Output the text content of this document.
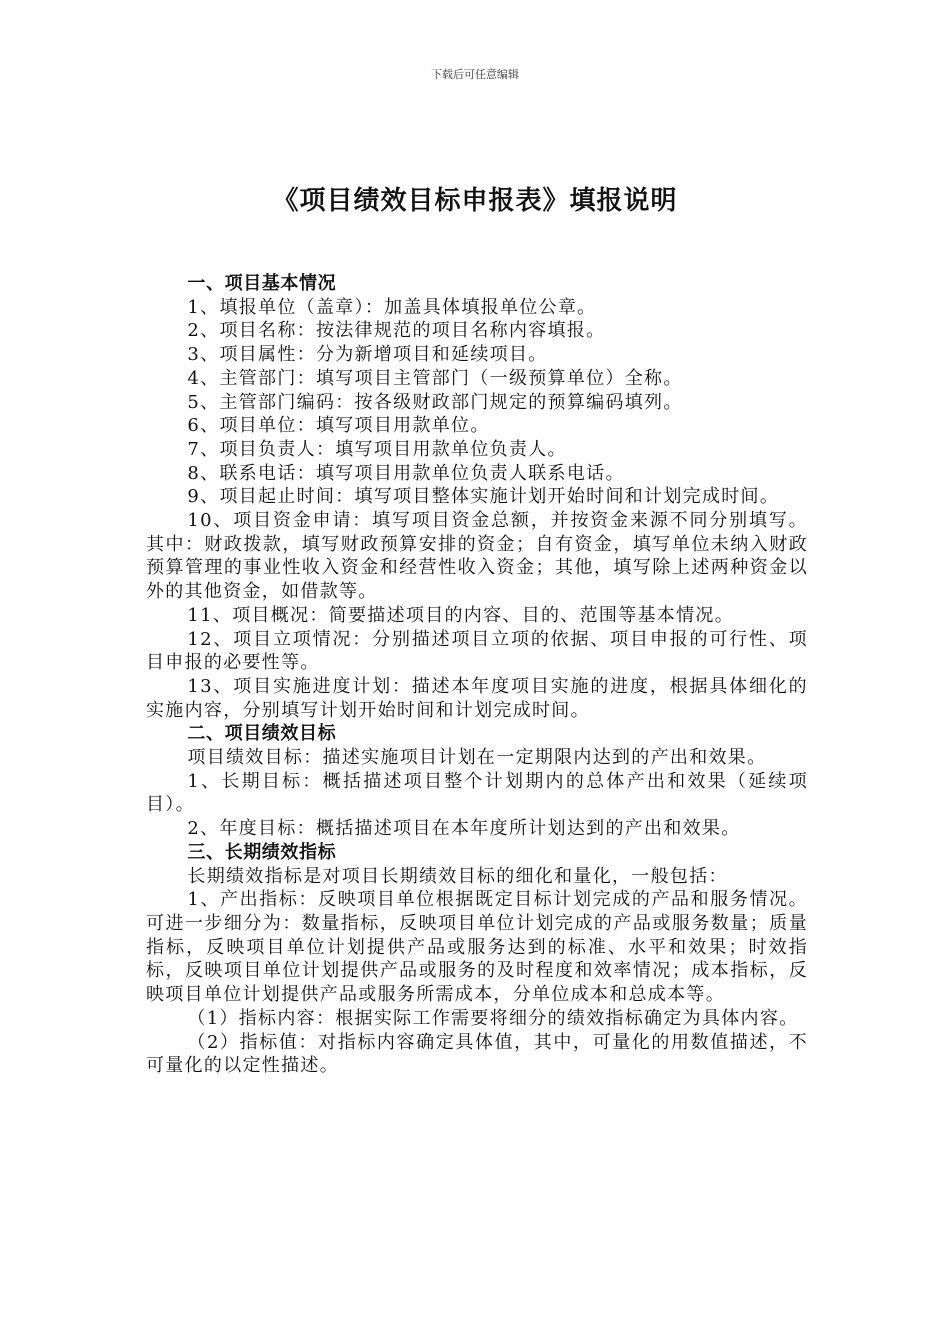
下载后可任意编辑
《项目绩效目标申报表》填报说明

一、项目基本情况

1、填报单位（盖章）：加盖具体填报单位公章。

2、项目名称：按法律规范的项目名称内容填报。

3、项目属性：分为新增项目和延续项目。

4、主管部门：填写项目主管部门（一级预算单位）全称。

5、主管部门编码：按各级财政部门规定的预算编码填列。

6、项目单位：填写项目用款单位。

7、项目负责人：填写项目用款单位负责人。

8、联系电话：填写项目用款单位负责人联系电话。

9、项目起止时间：填写项目整体实施计划开始时间和计划完成时间。

10、项目资金申请：填写项目资金总额，并按资金来源不同分别填写。其中：财政拨款，填写财政预算安排的资金；自有资金，填写单位未纳入财政预算管理的事业性收入资金和经营性收入资金；其他，填写除上述两种资金以外的其他资金，如借款等。

11、项目概况：简要描述项目的内容、目的、范围等基本情况。

12、项目立项情况：分别描述项目立项的依据、项目申报的可行性、项目申报的必要性等。

13、项目实施进度计划：描述本年度项目实施的进度，根据具体细化的实施内容，分别填写计划开始时间和计划完成时间。

二、项目绩效目标

项目绩效目标：描述实施项目计划在一定期限内达到的产出和效果。

1、长期目标：概括描述项目整个计划期内的总体产出和效果（延续项目）。

2、年度目标：概括描述项目在本年度所计划达到的产出和效果。

三、长期绩效指标

长期绩效指标是对项目长期绩效目标的细化和量化，一般包括：

1、产出指标：反映项目单位根据既定目标计划完成的产品和服务情况。可进一步细分为：数量指标，反映项目单位计划完成的产品或服务数量；质量指标，反映项目单位计划提供产品或服务达到的标准、水平和效果；时效指标，反映项目单位计划提供产品或服务的及时程度和效率情况；成本指标，反映项目单位计划提供产品或服务所需成本，分单位成本和总成本等。

（1）指标内容：根据实际工作需要将细分的绩效指标确定为具体内容。

（2）指标值：对指标内容确定具体值，其中，可量化的用数值描述，不可量化的以定性描述。
